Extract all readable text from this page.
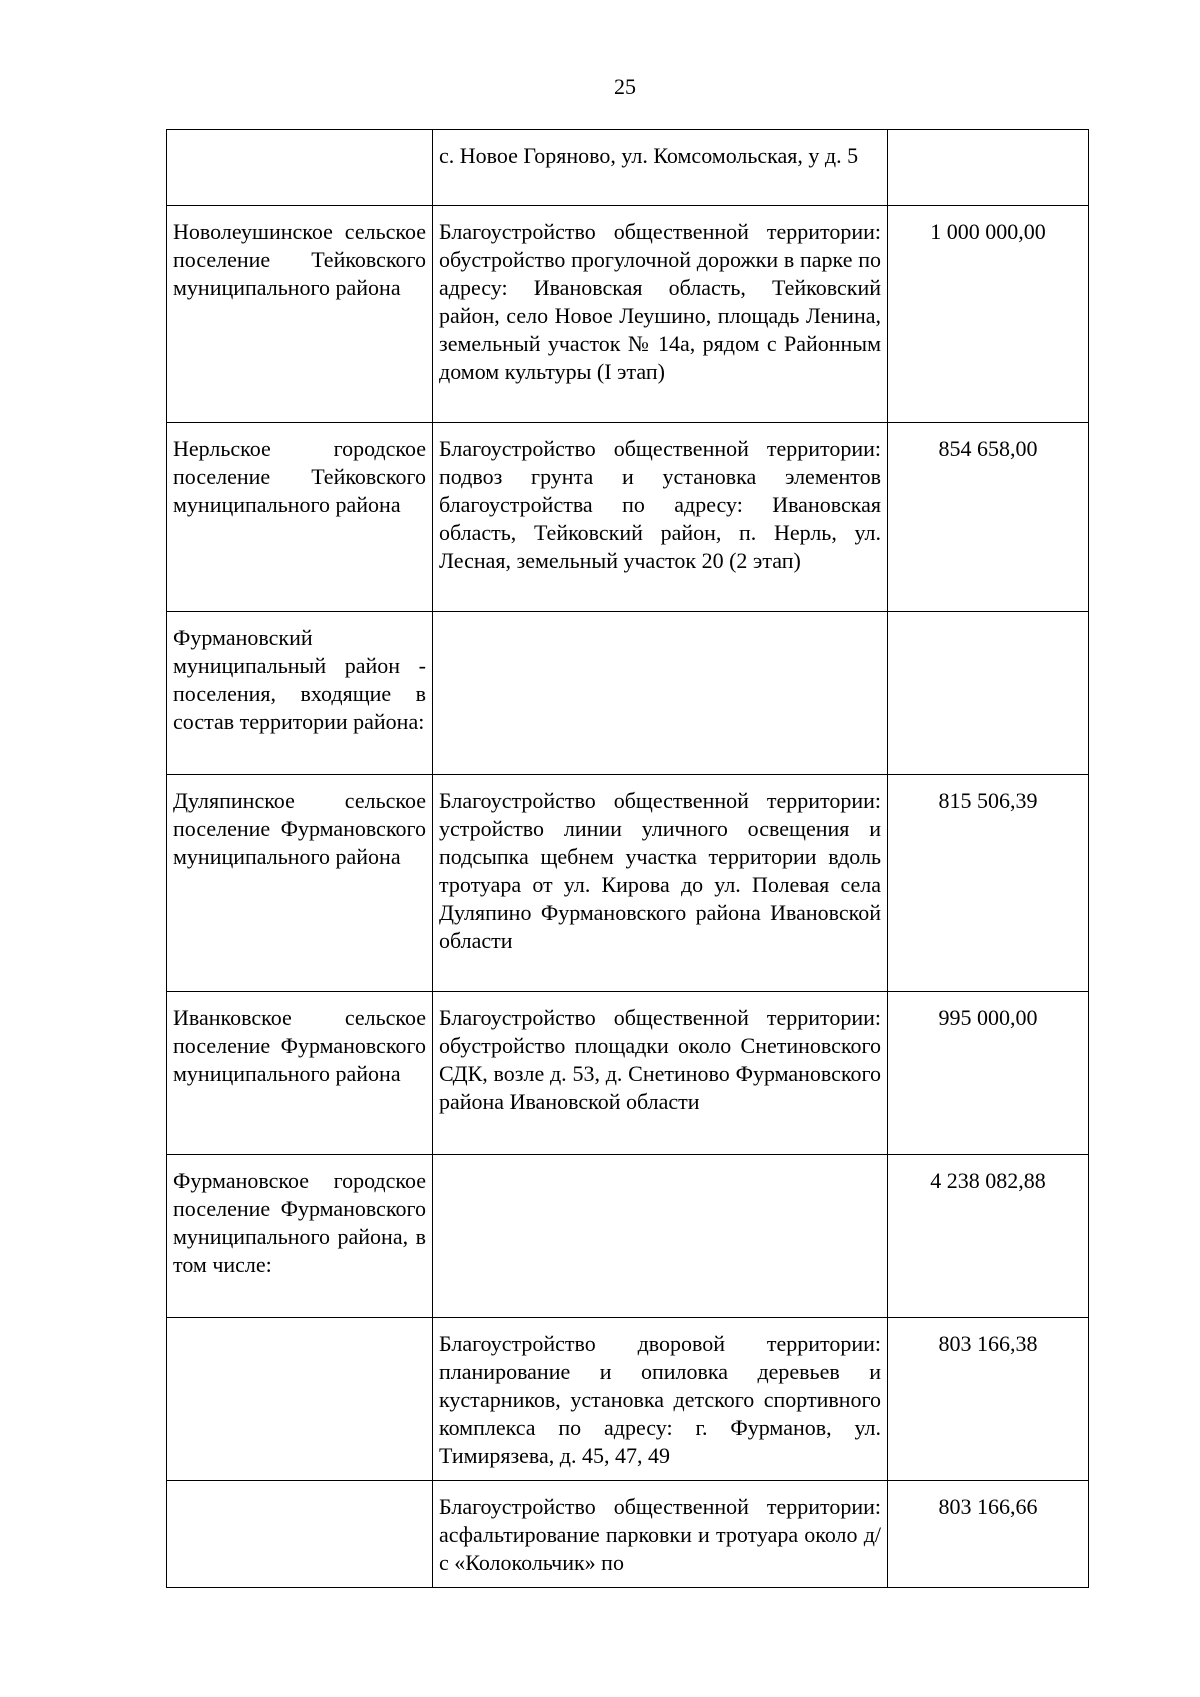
25
	с. Новое Горяново, ул. Комсомольская, у д. 5	
Новолеушинское сельское поселение Тейковского муниципального района	Благоустройство общественной территории: обустройство прогулочной дорожки в парке по адресу: Ивановская область, Тейковский район, село Новое Леушино, площадь Ленина, земельный участок № 14а, рядом с Районным домом культуры (I этап)	1 000 000,00
Нерльское городское поселение Тейковского муниципального района	Благоустройство общественной территории: подвоз грунта и установка элементов благоустройства по адресу: Ивановская область, Тейковский район, п. Нерль, ул. Лесная, земельный участок 20 (2 этап)	854 658,00
Фурмановский муниципальный район - поселения, входящие в состав территории района:		
Дуляпинское сельское поселение Фурмановского муниципального района	Благоустройство общественной территории: устройство линии уличного освещения и подсыпка щебнем участка территории вдоль тротуара от ул. Кирова до ул. Полевая села Дуляпино Фурмановского района Ивановской области	815 506,39
Иванковское сельское поселение Фурмановского муниципального района	Благоустройство общественной территории: обустройство площадки около Снетиновского СДК, возле д. 53, д. Снетиново Фурмановского района Ивановской области	995 000,00
Фурмановское городское поселение Фурмановского муниципального района, в том числе:		4 238 082,88
	Благоустройство дворовой территории: планирование и опиловка деревьев и кустарников, установка детского спортивного комплекса по адресу: г. Фурманов, ул. Тимирязева, д. 45, 47, 49	803 166,38
	Благоустройство общественной территории: асфальтирование парковки и тротуара около д/с «Колокольчик» по	803 166,66
